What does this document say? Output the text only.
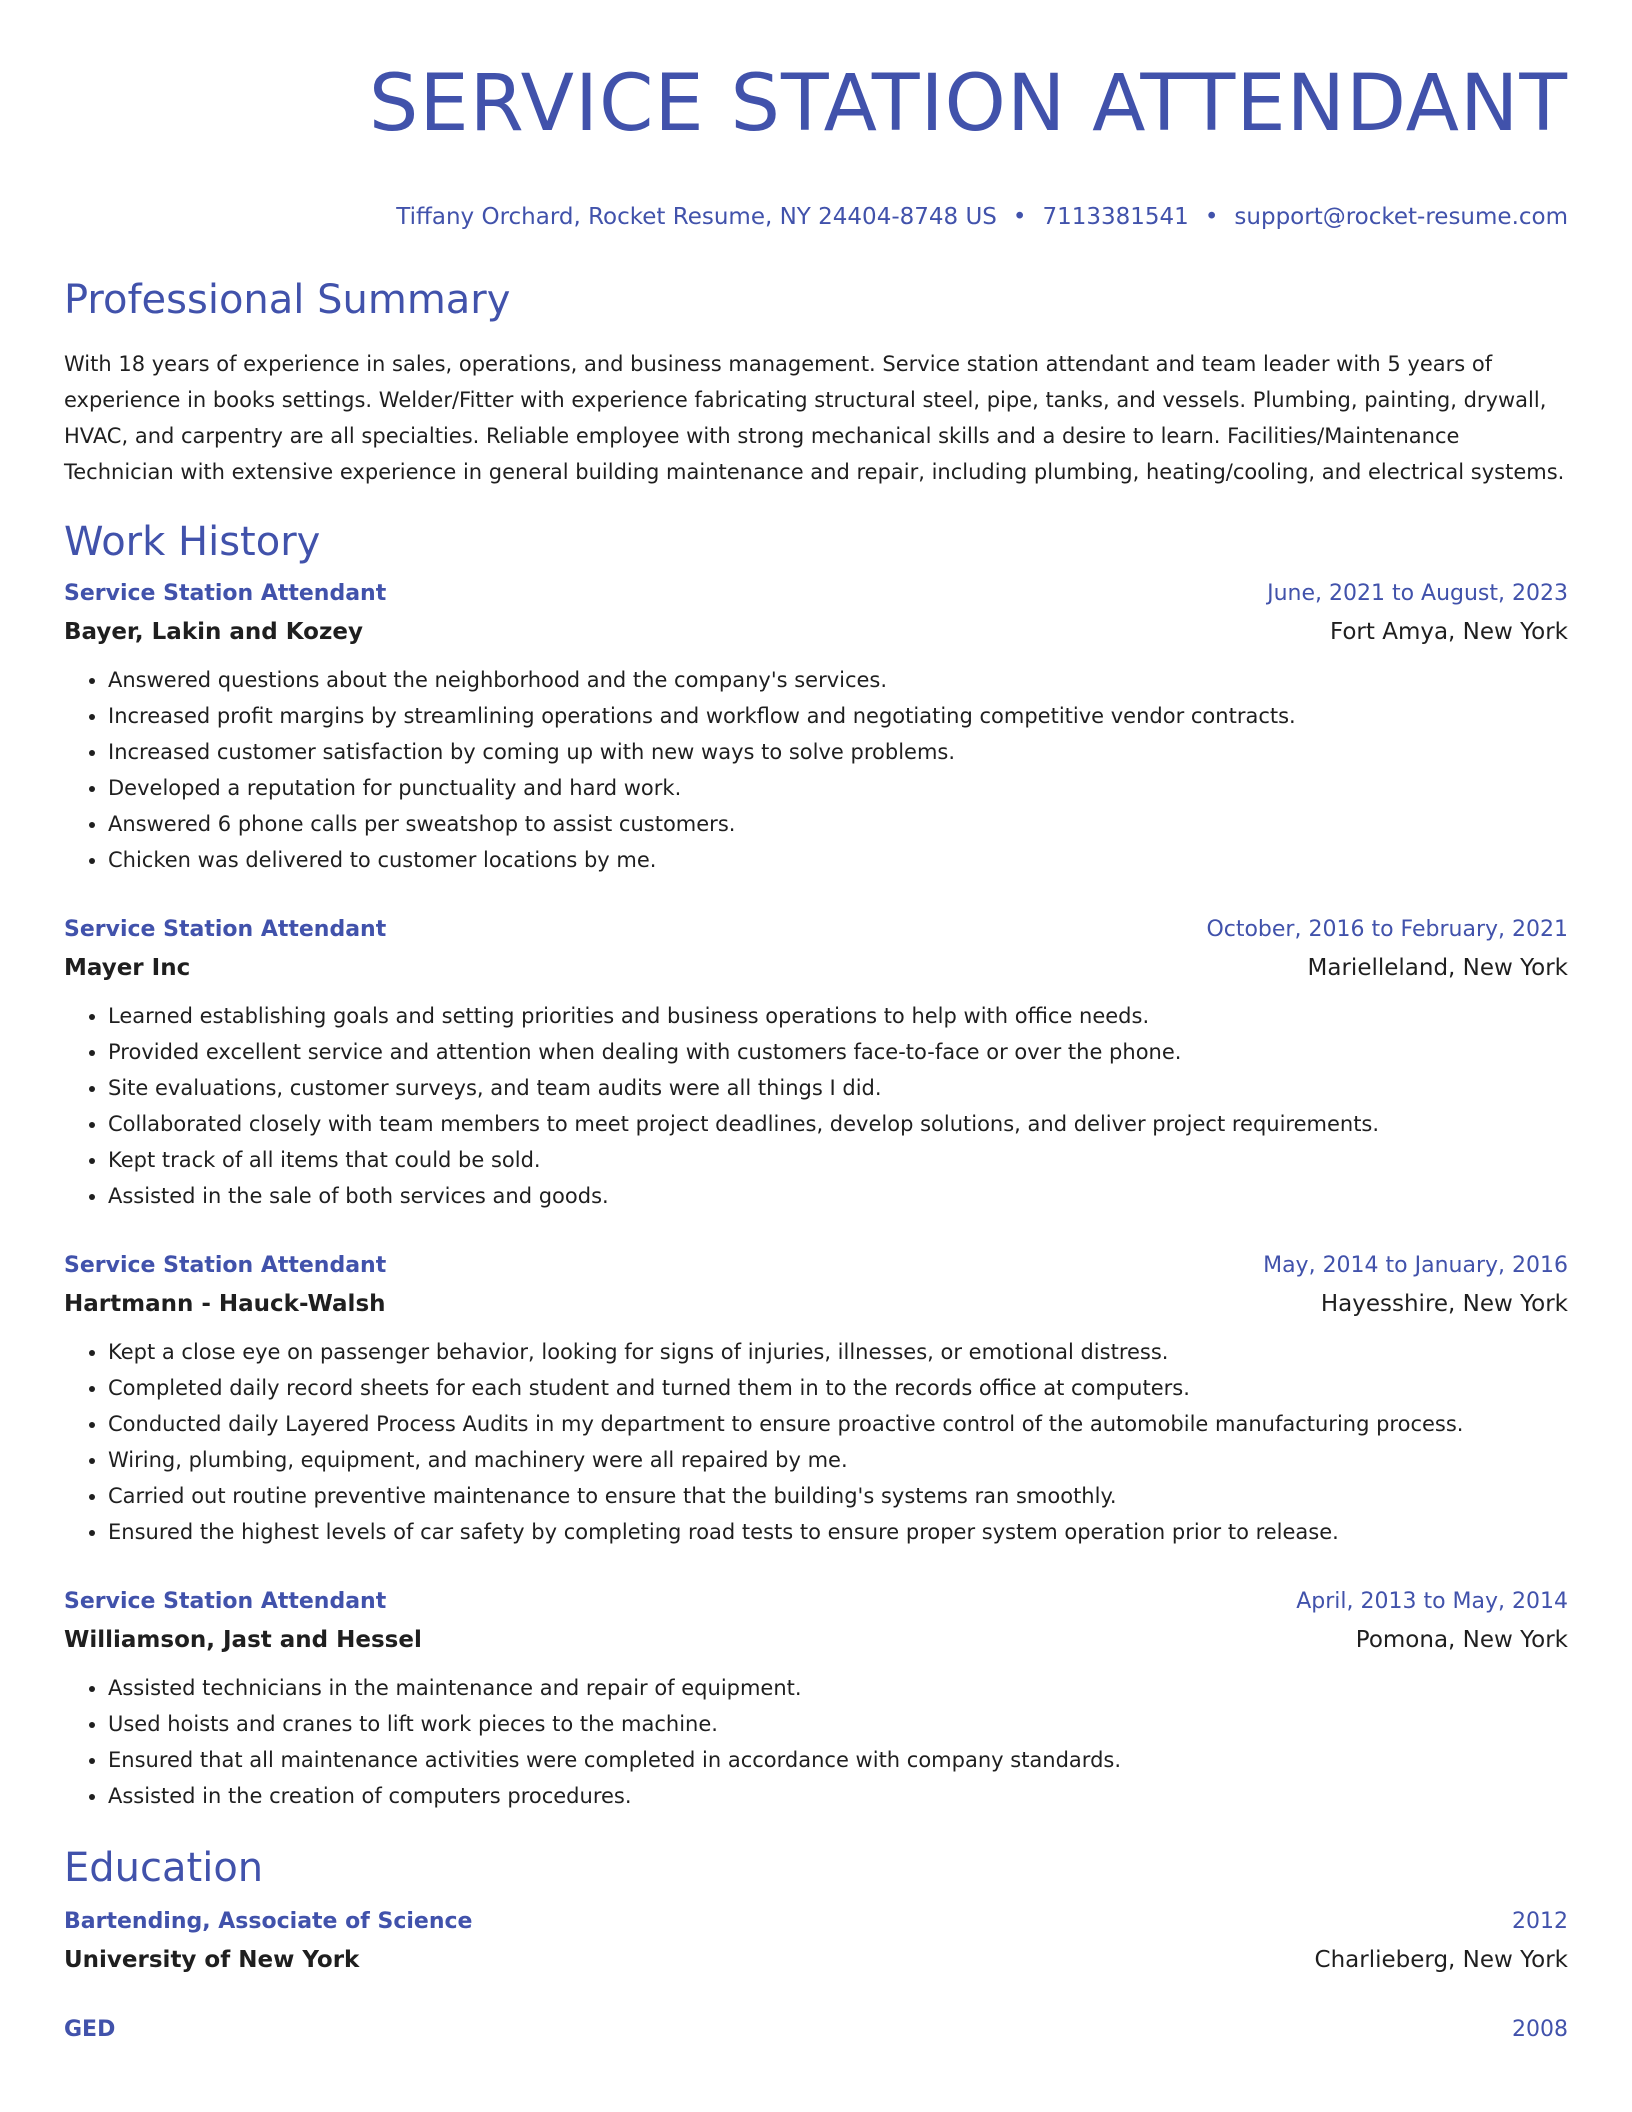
SERVICE STATION ATTENDANT
Tiffany Orchard, Rocket Resume, NY 24404-8748 US • 7113381541 • support@rocket-resume.com
Professional Summary
With 18 years of experience in sales, operations, and business management. Service station attendant and team leader with 5 years of experience in books settings. Welder/Fitter with experience fabricating structural steel, pipe, tanks, and vessels. Plumbing, painting, drywall, HVAC, and carpentry are all specialties. Reliable employee with strong mechanical skills and a desire to learn. Facilities/Maintenance Technician with extensive experience in general building maintenance and repair, including plumbing, heating/cooling, and electrical systems.
Work History
Service Station Attendant	June, 2021 to August, 2023
Bayer, Lakin and Kozey	Fort Amya, New York
• Answered questions about the neighborhood and the company's services.
• Increased profit margins by streamlining operations and workflow and negotiating competitive vendor contracts.
• Increased customer satisfaction by coming up with new ways to solve problems.
• Developed a reputation for punctuality and hard work.
• Answered 6 phone calls per sweatshop to assist customers.
• Chicken was delivered to customer locations by me.
Service Station Attendant	October, 2016 to February, 2021
Mayer Inc	Marielleland, New York
• Learned establishing goals and setting priorities and business operations to help with office needs.
• Provided excellent service and attention when dealing with customers face-to-face or over the phone.
• Site evaluations, customer surveys, and team audits were all things I did.
• Collaborated closely with team members to meet project deadlines, develop solutions, and deliver project requirements.
• Kept track of all items that could be sold.
• Assisted in the sale of both services and goods.
Service Station Attendant	May, 2014 to January, 2016
Hartmann - Hauck-Walsh	Hayesshire, New York
• Kept a close eye on passenger behavior, looking for signs of injuries, illnesses, or emotional distress.
• Completed daily record sheets for each student and turned them in to the records office at computers.
• Conducted daily Layered Process Audits in my department to ensure proactive control of the automobile manufacturing process.
• Wiring, plumbing, equipment, and machinery were all repaired by me.
• Carried out routine preventive maintenance to ensure that the building's systems ran smoothly.
• Ensured the highest levels of car safety by completing road tests to ensure proper system operation prior to release.
Service Station Attendant	April, 2013 to May, 2014
Williamson, Jast and Hessel	Pomona, New York
• Assisted technicians in the maintenance and repair of equipment.
• Used hoists and cranes to lift work pieces to the machine.
• Ensured that all maintenance activities were completed in accordance with company standards.
• Assisted in the creation of computers procedures.
Education
Bartending, Associate of Science	2012
University of New York	Charlieberg, New York
GED	2008
